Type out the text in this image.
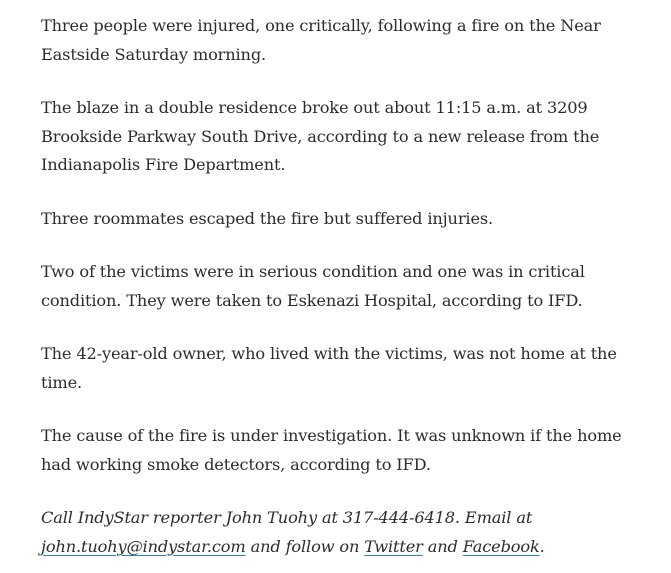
Three people were injured, one critically, following a fire on the Near Eastside Saturday morning.

The blaze in a double residence broke out about 11:15 a.m. at 3209 Brookside Parkway South Drive, according to a new release from the Indianapolis Fire Department.

Three roommates escaped the fire but suffered injuries.

Two of the victims were in serious condition and one was in critical condition. They were taken to Eskenazi Hospital, according to IFD.

The 42-year-old owner, who lived with the victims, was not home at the time.

The cause of the fire is under investigation. It was unknown if the home had working smoke detectors, according to IFD.

Call IndyStar reporter John Tuohy at 317-444-6418. Email at john.tuohy@indystar.com and follow on Twitter and Facebook.
